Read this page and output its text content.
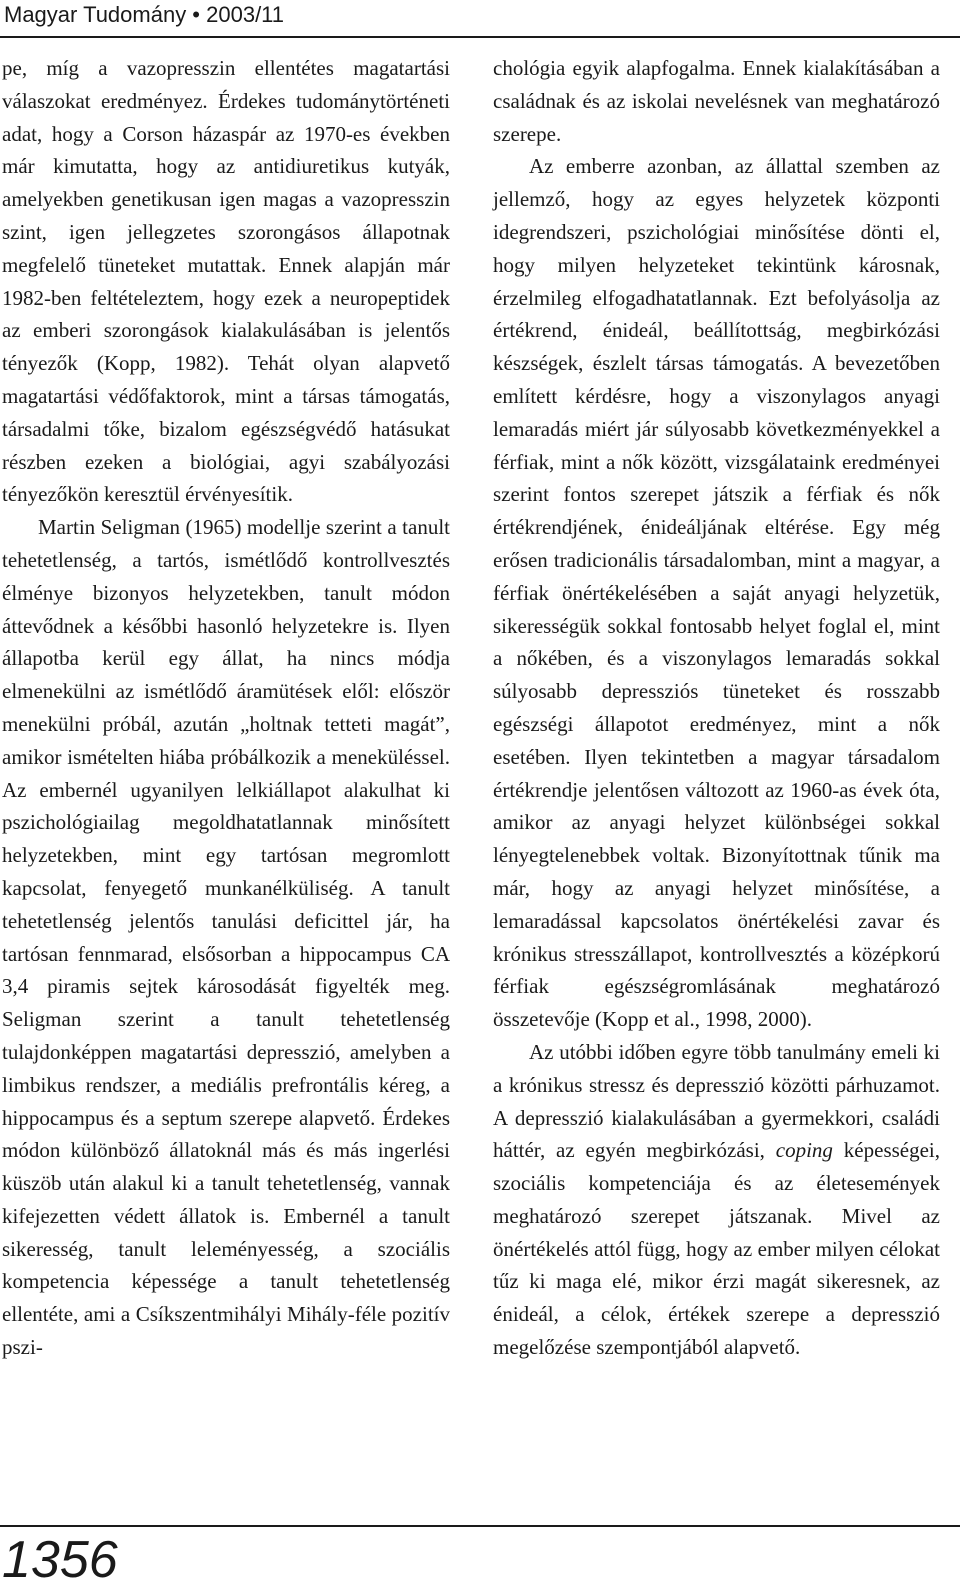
Magyar Tudomány • 2003/11

pe, míg a vazopresszin ellentétes magatartási válaszokat eredményez. Érdekes tudománytörténeti adat, hogy a Corson házaspár az 1970-es években már kimutatta, hogy az antidiuretikus kutyák, amelyekben genetikusan igen magas a vazopresszin szint, igen jellegzetes szorongásos állapotnak megfelelő tüneteket mutattak. Ennek alapján már 1982-ben feltételeztem, hogy ezek a neuropeptidek az emberi szorongások kialakulásában is jelentős tényezők (Kopp, 1982). Tehát olyan alapvető magatartási védőfaktorok, mint a társas támogatás, társadalmi tőke, bizalom egészségvédő hatásukat részben ezeken a biológiai, agyi szabályozási tényezőkön keresztül érvényesítik.

Martin Seligman (1965) modellje szerint a tanult tehetetlenség, a tartós, ismétlődő kontrollvesztés élménye bizonyos helyzetekben, tanult módon áttevődnek a későbbi hasonló helyzetekre is. Ilyen állapotba kerül egy állat, ha nincs módja elmenekülni az ismétlődő áramütések elől: először menekülni próbál, azután „holtnak tetteti magát”, amikor ismételten hiába próbálkozik a meneküléssel. Az embernél ugyanilyen lelkiállapot alakulhat ki pszichológiailag megoldhatatlannak minősített helyzetekben, mint egy tartósan megromlott kapcsolat, fenyegető munkanélküliség. A tanult tehetetlenség jelentős tanulási deficittel jár, ha tartósan fennmarad, elsősorban a hippocampus CA 3,4 piramis sejtek károsodását figyelték meg. Seligman szerint a tanult tehetetlenség tulajdonképpen magatartási depresszió, amelyben a limbikus rendszer, a mediális prefrontális kéreg, a hippocampus és a septum szerepe alapvető. Érdekes módon különböző állatoknál más és más ingerlési küszöb után alakul ki a tanult tehetetlenség, vannak kifejezetten védett állatok is. Embernél a tanult sikeresség, tanult leleményesség, a szociális kompetencia képessége a tanult tehetetlenség ellentéte, ami a Csíkszentmihályi Mihály-féle pozitív pszi-

chológia egyik alapfogalma. Ennek kialakításában a családnak és az iskolai nevelésnek van meghatározó szerepe.

Az emberre azonban, az állattal szemben az jellemző, hogy az egyes helyzetek központi idegrendszeri, pszichológiai minősítése dönti el, hogy milyen helyzeteket tekintünk károsnak, érzelmileg elfogadhatatlannak. Ezt befolyásolja az értékrend, énideál, beállítottság, megbirkózási készségek, észlelt társas támogatás. A bevezetőben említett kérdésre, hogy a viszonylagos anyagi lemaradás miért jár súlyosabb következményekkel a férfiak, mint a nők között, vizsgálataink eredményei szerint fontos szerepet játszik a férfiak és nők értékrendjének, énideáljának eltérése. Egy még erősen tradicionális társadalomban, mint a magyar, a férfiak önértékelésében a saját anyagi helyzetük, sikerességük sokkal fontosabb helyet foglal el, mint a nőkében, és a viszonylagos lemaradás sokkal súlyosabb depressziós tüneteket és rosszabb egészségi állapotot eredményez, mint a nők esetében. Ilyen tekintetben a magyar társadalom értékrendje jelentősen változott az 1960-as évek óta, amikor az anyagi helyzet különbségei sokkal lényegtelenebbek voltak. Bizonyítottnak tűnik ma már, hogy az anyagi helyzet minősítése, a lemaradással kapcsolatos önértékelési zavar és krónikus stresszállapot, kontrollvesztés a középkorú férfiak egészségromlásának meghatározó összetevője (Kopp et al., 1998, 2000).

Az utóbbi időben egyre több tanulmány emeli ki a krónikus stressz és depresszió közötti párhuzamot. A depresszió kialakulásában a gyermekkori, családi háttér, az egyén megbirkózási, coping képességei, szociális kompetenciája és az életesemények meghatározó szerepet játszanak. Mivel az önértékelés attól függ, hogy az ember milyen célokat tűz ki maga elé, mikor érzi magát sikeresnek, az énideál, a célok, értékek szerepe a depresszió megelőzése szempontjából alapvető.

1356
